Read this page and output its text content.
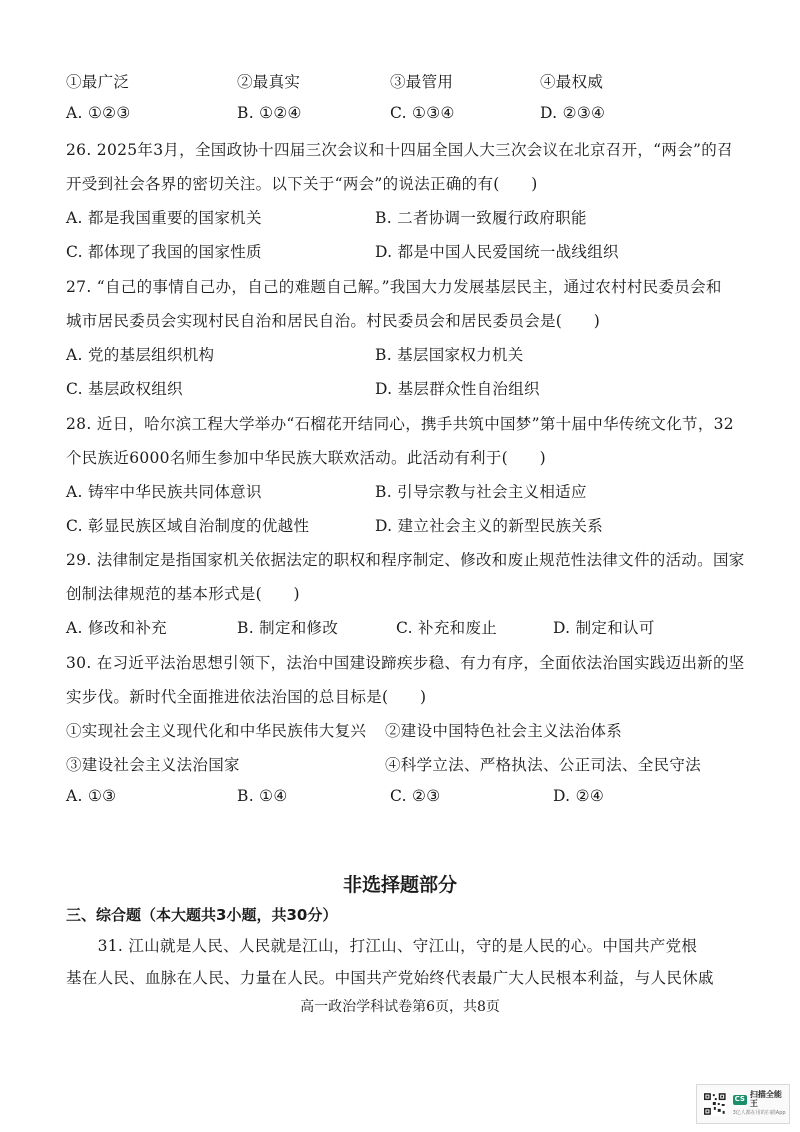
①最广泛	②最真实	③最管用	④最权威
A. ①②③	B. ①②④	C. ①③④	D. ②③④
26. 2025年3月，全国政协十四届三次会议和十四届全国人大三次会议在北京召开，“两会”的召
开受到社会各界的密切关注。以下关于“两会”的说法正确的有(　　)
A. 都是我国重要的国家机关	B. 二者协调一致履行政府职能
C. 都体现了我国的国家性质	D. 都是中国人民爱国统一战线组织
27. “自己的事情自己办，自己的难题自己解。”我国大力发展基层民主，通过农村村民委员会和
城市居民委员会实现村民自治和居民自治。村民委员会和居民委员会是(　　)
A. 党的基层组织机构	B. 基层国家权力机关
C. 基层政权组织	D. 基层群众性自治组织
28. 近日，哈尔滨工程大学举办“石榴花开结同心，携手共筑中国梦”第十届中华传统文化节，32
个民族近6000名师生参加中华民族大联欢活动。此活动有利于(　　)
A. 铸牢中华民族共同体意识	B. 引导宗教与社会主义相适应
C. 彰显民族区域自治制度的优越性	D. 建立社会主义的新型民族关系
29. 法律制定是指国家机关依据法定的职权和程序制定、修改和废止规范性法律文件的活动。国家
创制法律规范的基本形式是(　　)
A. 修改和补充	B. 制定和修改	C. 补充和废止	D. 制定和认可
30. 在习近平法治思想引领下，法治中国建设蹄疾步稳、有力有序，全面依法治国实践迈出新的坚
实步伐。新时代全面推进依法治国的总目标是(　　)
①实现社会主义现代化和中华民族伟大复兴 ②建设中国特色社会主义法治体系
③建设社会主义法治国家	④科学立法、严格执法、公正司法、全民守法
A. ①③	B. ①④	C. ②③	D. ②④
非选择题部分
三、综合题（本大题共3小题，共30分）
　　31. 江山就是人民、人民就是江山，打江山、守江山，守的是人民的心。中国共产党根
基在人民、血脉在人民、力量在人民。中国共产党始终代表最广大人民根本利益，与人民休戚
高一政治学科试卷第6页，共8页
CS 扫描全能王
3亿人都在用的扫描App
